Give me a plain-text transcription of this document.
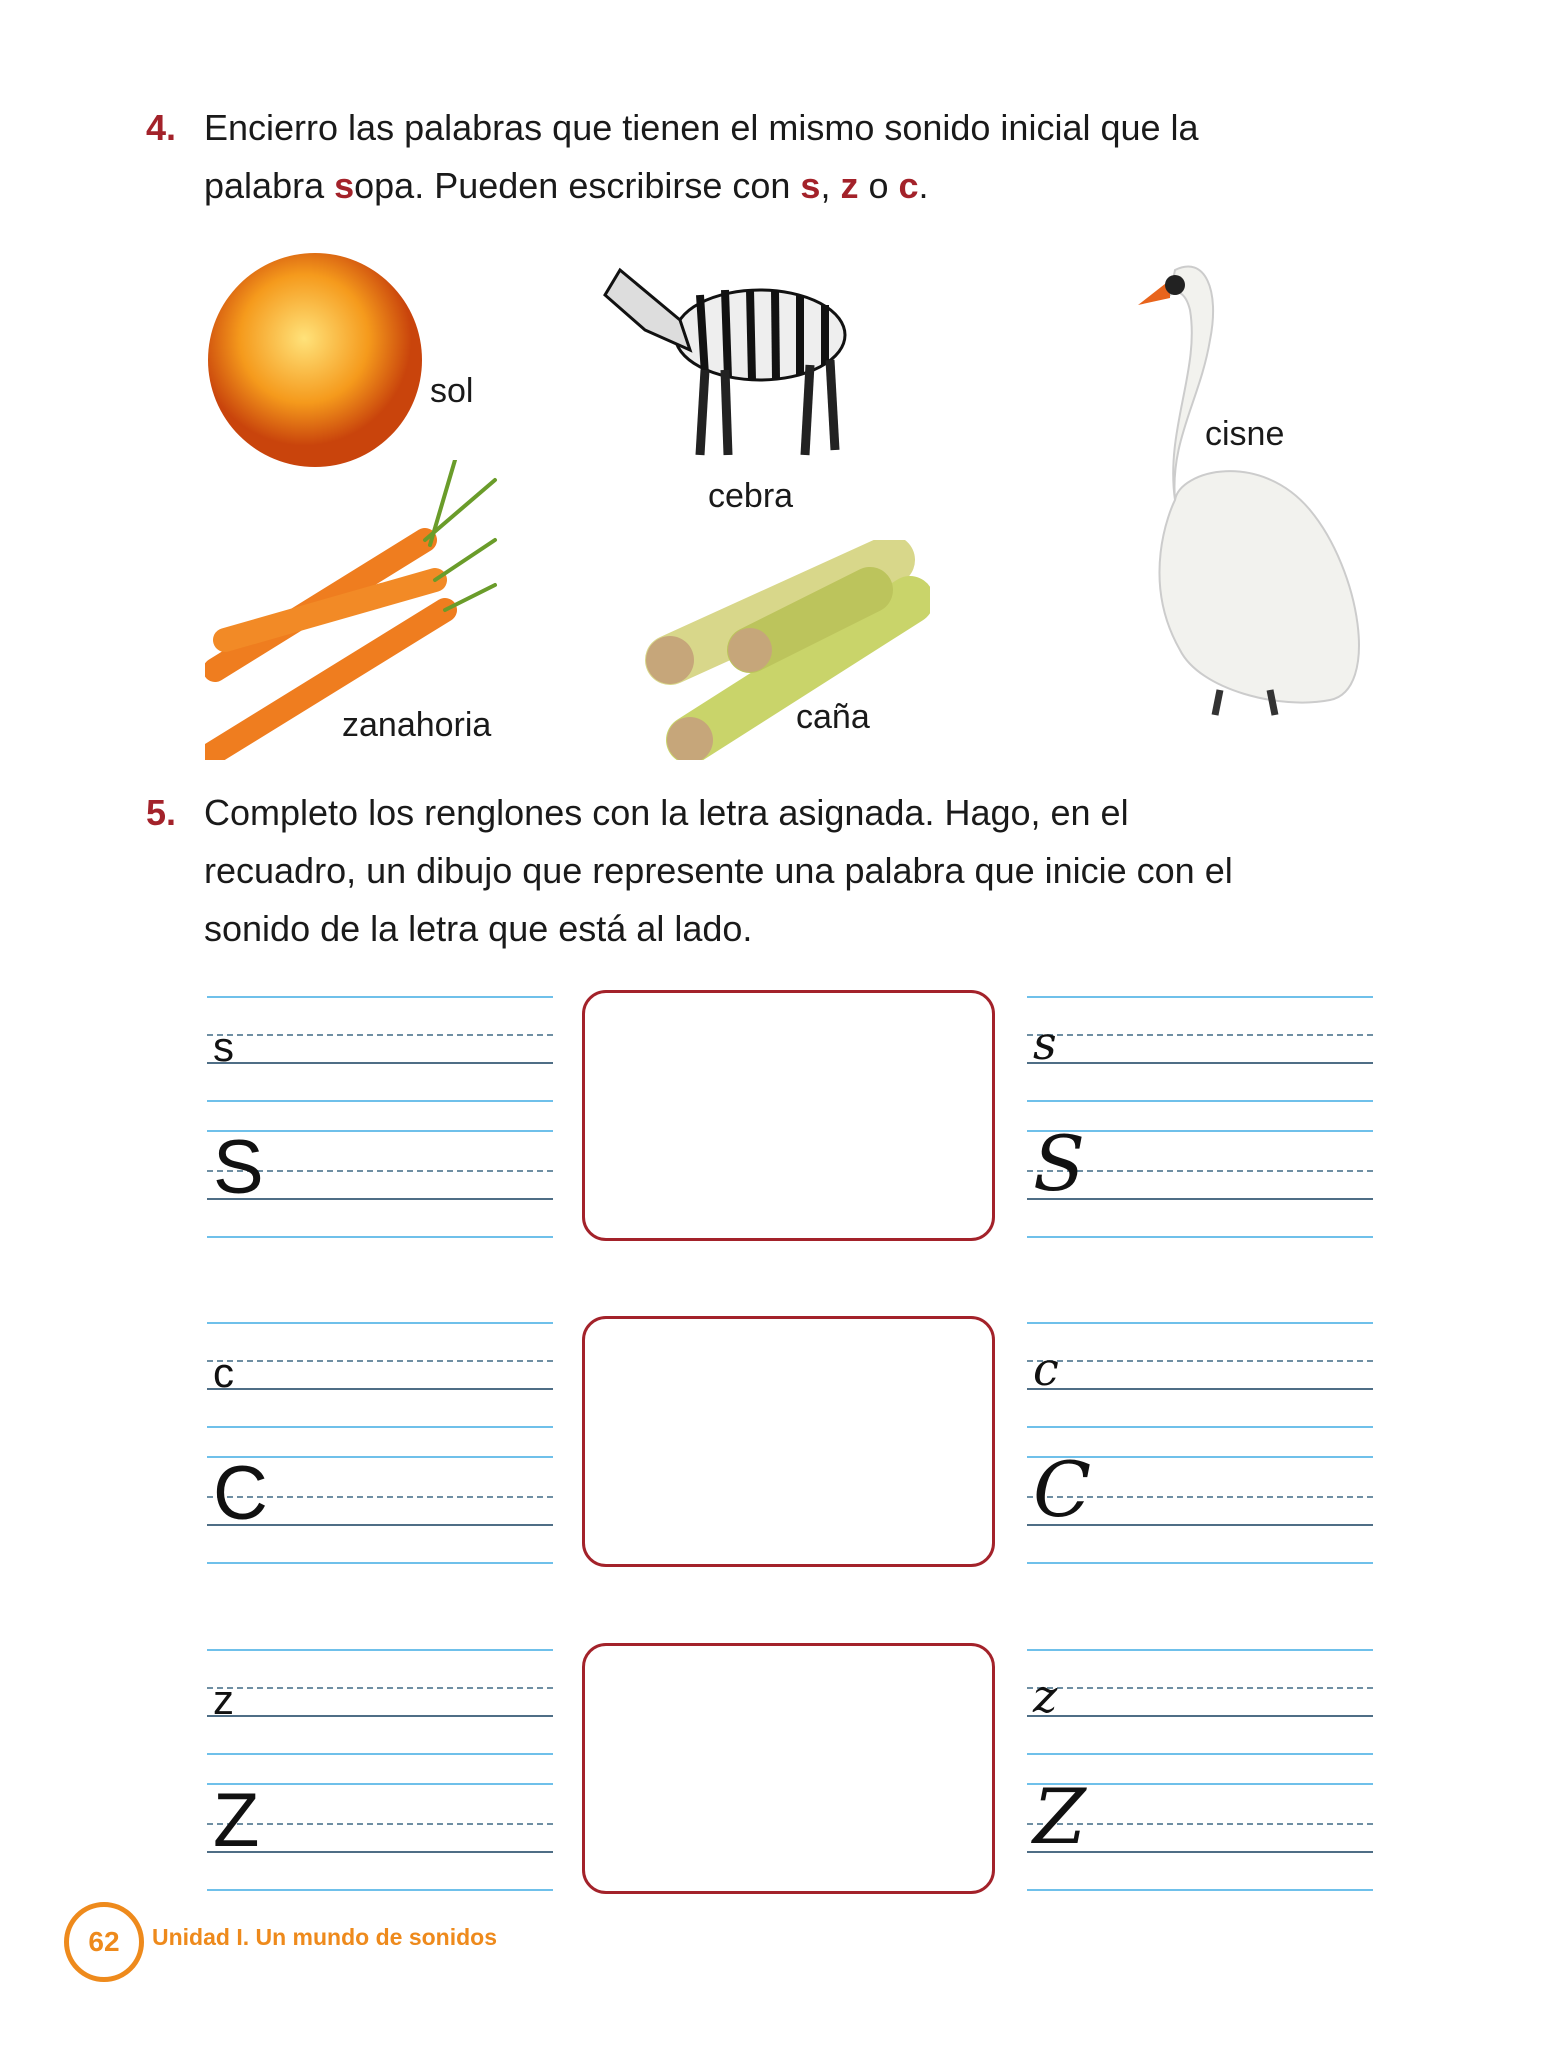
4. Encierro las palabras que tienen el mismo sonido inicial que la
palabra sopa. Pueden escribirse con s, z o c.
sol
cebra
cisne
zanahoria	caña
5. Completo los renglones con la letra asignada. Hago, en el
recuadro, un dibujo que represente una palabra que inicie con el
sonido de la letra que está al lado.
s
S
s
S
c
C
c
C
z
Z
z
Z
62	Unidad I. Un mundo de sonidos
